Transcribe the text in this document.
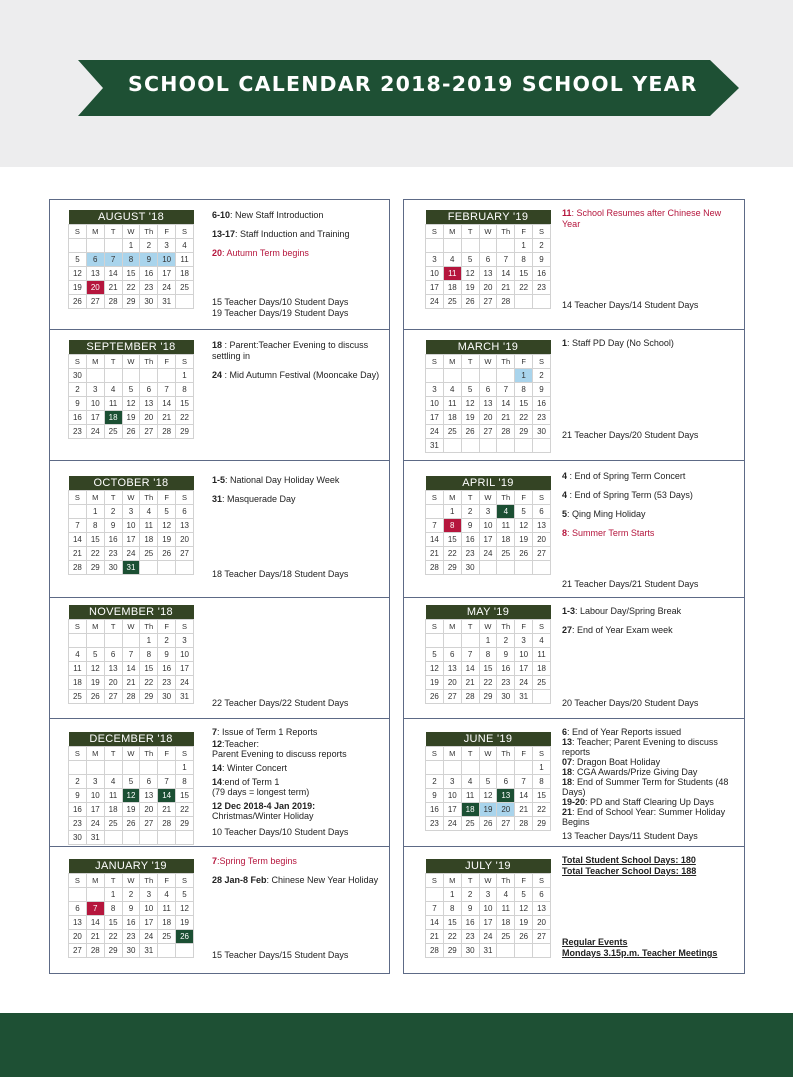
SCHOOL CALENDAR 2018-2019 SCHOOL YEAR
AUGUST '18						
S	M	T	W	Th	F	S
			1	2	3	4
5	6	7	8	9	10	11
12	13	14	15	16	17	18
19	20	21	22	23	24	25
26	27	28	29	30	31	
6-10: New Staff Introduction
13-17: Staff Induction and Training
20: Autumn Term begins
15 Teacher Days/10 Student Days
19 Teacher Days/19 Student Days
SEPTEMBER '18						
S	M	T	W	Th	F	S
30						1
2	3	4	5	6	7	8
9	10	11	12	13	14	15
16	17	18	19	20	21	22
23	24	25	26	27	28	29
18 : Parent:Teacher Evening to discuss settling in
24 : Mid Autumn Festival (Mooncake Day)
OCTOBER '18						
S	M	T	W	Th	F	S
	1	2	3	4	5	6
7	8	9	10	11	12	13
14	15	16	17	18	19	20
21	22	23	24	25	26	27
28	29	30	31			
1-5: National Day Holiday Week
31: Masquerade Day
18 Teacher Days/18 Student Days
NOVEMBER '18						
S	M	T	W	Th	F	S
				1	2	3
4	5	6	7	8	9	10
11	12	13	14	15	16	17
18	19	20	21	22	23	24
25	26	27	28	29	30	31
22 Teacher Days/22 Student Days
DECEMBER '18						
S	M	T	W	Th	F	S
						1
2	3	4	5	6	7	8
9	10	11	12	13	14	15
16	17	18	19	20	21	22
23	24	25	26	27	28	29
30	31					
7: Issue of Term 1 Reports
12:Teacher:
Parent Evening to discuss reports
14: Winter Concert
14:end of Term 1
(79 days = longest term)
12 Dec 2018-4 Jan 2019:
Christmas/Winter Holiday
10 Teacher Days/10 Student Days
JANUARY '19						
S	M	T	W	Th	F	S
		1	2	3	4	5
6	7	8	9	10	11	12
13	14	15	16	17	18	19
20	21	22	23	24	25	26
27	28	29	30	31		
7:Spring Term begins
28 Jan-8 Feb: Chinese New Year Holiday
15 Teacher Days/15 Student Days
FEBRUARY '19						
S	M	T	W	Th	F	S
					1	2
3	4	5	6	7	8	9
10	11	12	13	14	15	16
17	18	19	20	21	22	23
24	25	26	27	28		
11: School Resumes after Chinese New Year
14 Teacher Days/14 Student Days
MARCH '19						
S	M	T	W	Th	F	S
					1	2
3	4	5	6	7	8	9
10	11	12	13	14	15	16
17	18	19	20	21	22	23
24	25	26	27	28	29	30
31						
1: Staff PD Day (No School)
21 Teacher Days/20 Student Days
APRIL '19						
S	M	T	W	Th	F	S
	1	2	3	4	5	6
7	8	9	10	11	12	13
14	15	16	17	18	19	20
21	22	23	24	25	26	27
28	29	30				
4 : End of Spring Term Concert
4 : End of Spring Term (53 Days)
5: Qing Ming Holiday
8: Summer Term Starts
21 Teacher Days/21 Student Days
MAY '19						
S	M	T	W	Th	F	S
			1	2	3	4
5	6	7	8	9	10	11
12	13	14	15	16	17	18
19	20	21	22	23	24	25
26	27	28	29	30	31	
1-3: Labour Day/Spring Break
27: End of Year Exam week
20 Teacher Days/20 Student Days
JUNE '19						
S	M	T	W	Th	F	S
						1
2	3	4	5	6	7	8
9	10	11	12	13	14	15
16	17	18	19	20	21	22
23	24	25	26	27	28	29
6: End of Year Reports issued
13: Teacher; Parent Evening to discuss reports
07: Dragon Boat Holiday
18: CGA Awards/Prize Giving Day
18: End of Summer Term for Students (48 Days)
19-20: PD and Staff Clearing Up Days
21: End of School Year: Summer Holiday Begins
13 Teacher Days/11 Student Days
JULY '19						
S	M	T	W	Th	F	S
	1	2	3	4	5	6
7	8	9	10	11	12	13
14	15	16	17	18	19	20
21	22	23	24	25	26	27
28	29	30	31			
Total Student School Days: 180
Total Teacher School Days: 188
Regular Events
Mondays 3.15p.m. Teacher Meetings
